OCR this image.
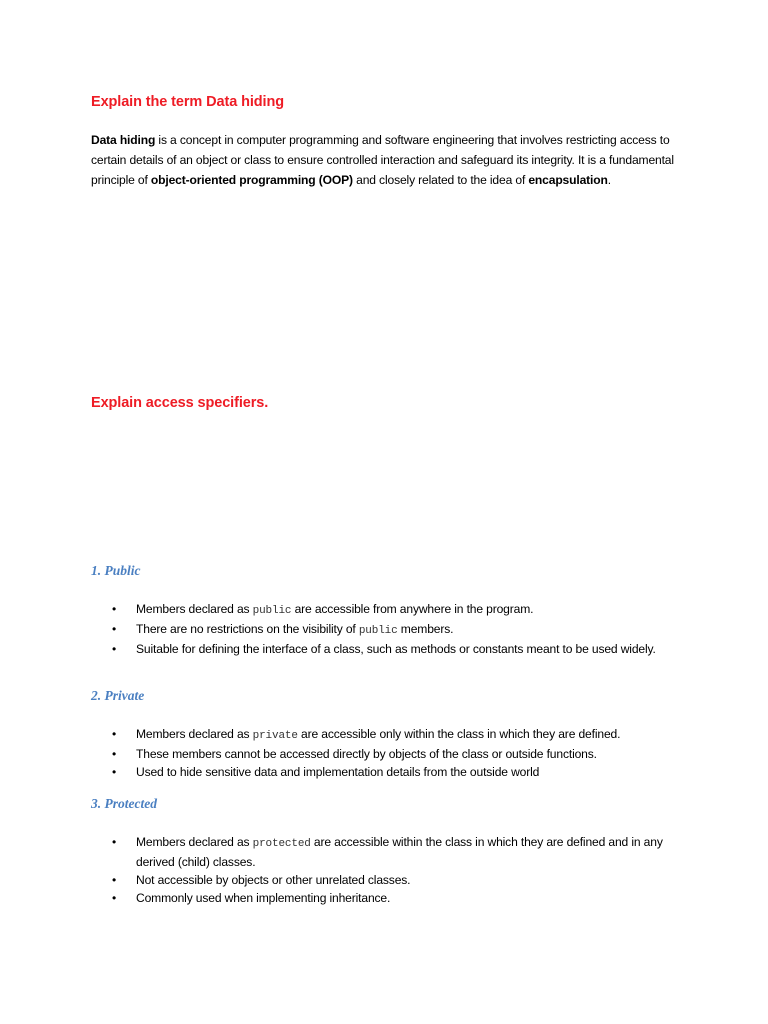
Explain the term Data hiding

Data hiding is a concept in computer programming and software engineering that involves restricting access to certain details of an object or class to ensure controlled interaction and safeguard its integrity. It is a fundamental principle of object-oriented programming (OOP) and closely related to the idea of encapsulation.

Explain access specifiers.
1. Public
• Members declared as public are accessible from anywhere in the program.
• There are no restrictions on the visibility of public members.
• Suitable for defining the interface of a class, such as methods or constants meant to be used widely.
2. Private
• Members declared as private are accessible only within the class in which they are defined.
• These members cannot be accessed directly by objects of the class or outside functions.
• Used to hide sensitive data and implementation details from the outside world
3. Protected
• Members declared as protected are accessible within the class in which they are defined and in any derived (child) classes.
• Not accessible by objects or other unrelated classes.
• Commonly used when implementing inheritance.
